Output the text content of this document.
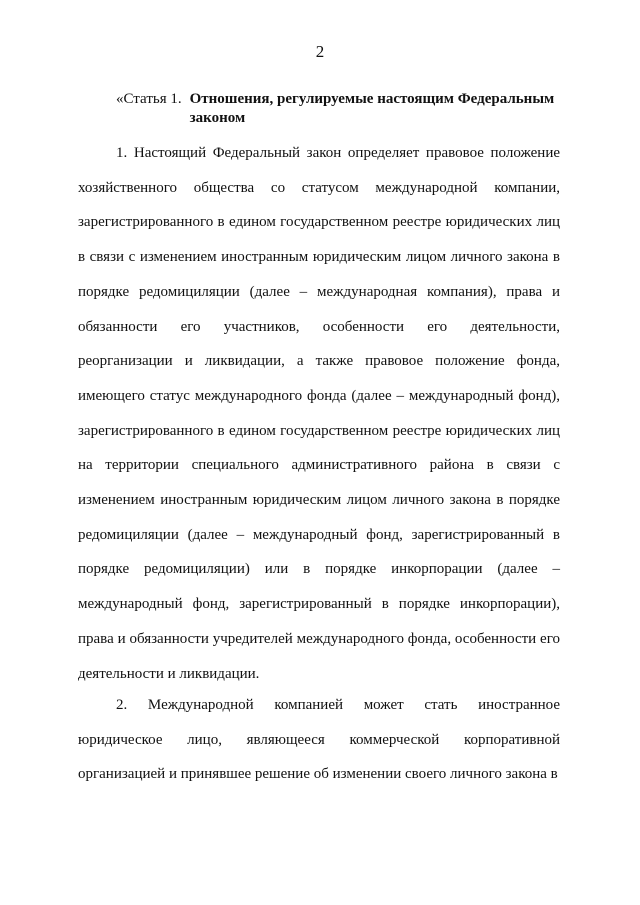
2
«Статья 1. Отношения, регулируемые настоящим Федеральным законом

1. Настоящий Федеральный закон определяет правовое положение хозяйственного общества со статусом международной компании, зарегистрированного в едином государственном реестре юридических лиц в связи с изменением иностранным юридическим лицом личного закона в порядке редомициляции (далее – международная компания), права и обязанности его участников, особенности его деятельности, реорганизации и ликвидации, а также правовое положение фонда, имеющего статус международного фонда (далее – международный фонд), зарегистрированного в едином государственном реестре юридических лиц на территории специального административного района в связи с изменением иностранным юридическим лицом личного закона в порядке редомициляции (далее – международный фонд, зарегистрированный в порядке редомициляции) или в порядке инкорпорации (далее – международный фонд, зарегистрированный в порядке инкорпорации), права и обязанности учредителей международного фонда, особенности его деятельности и ликвидации.

2. Международной компанией может стать иностранное юридическое лицо, являющееся коммерческой корпоративной организацией и принявшее решение об изменении своего личного закона в
